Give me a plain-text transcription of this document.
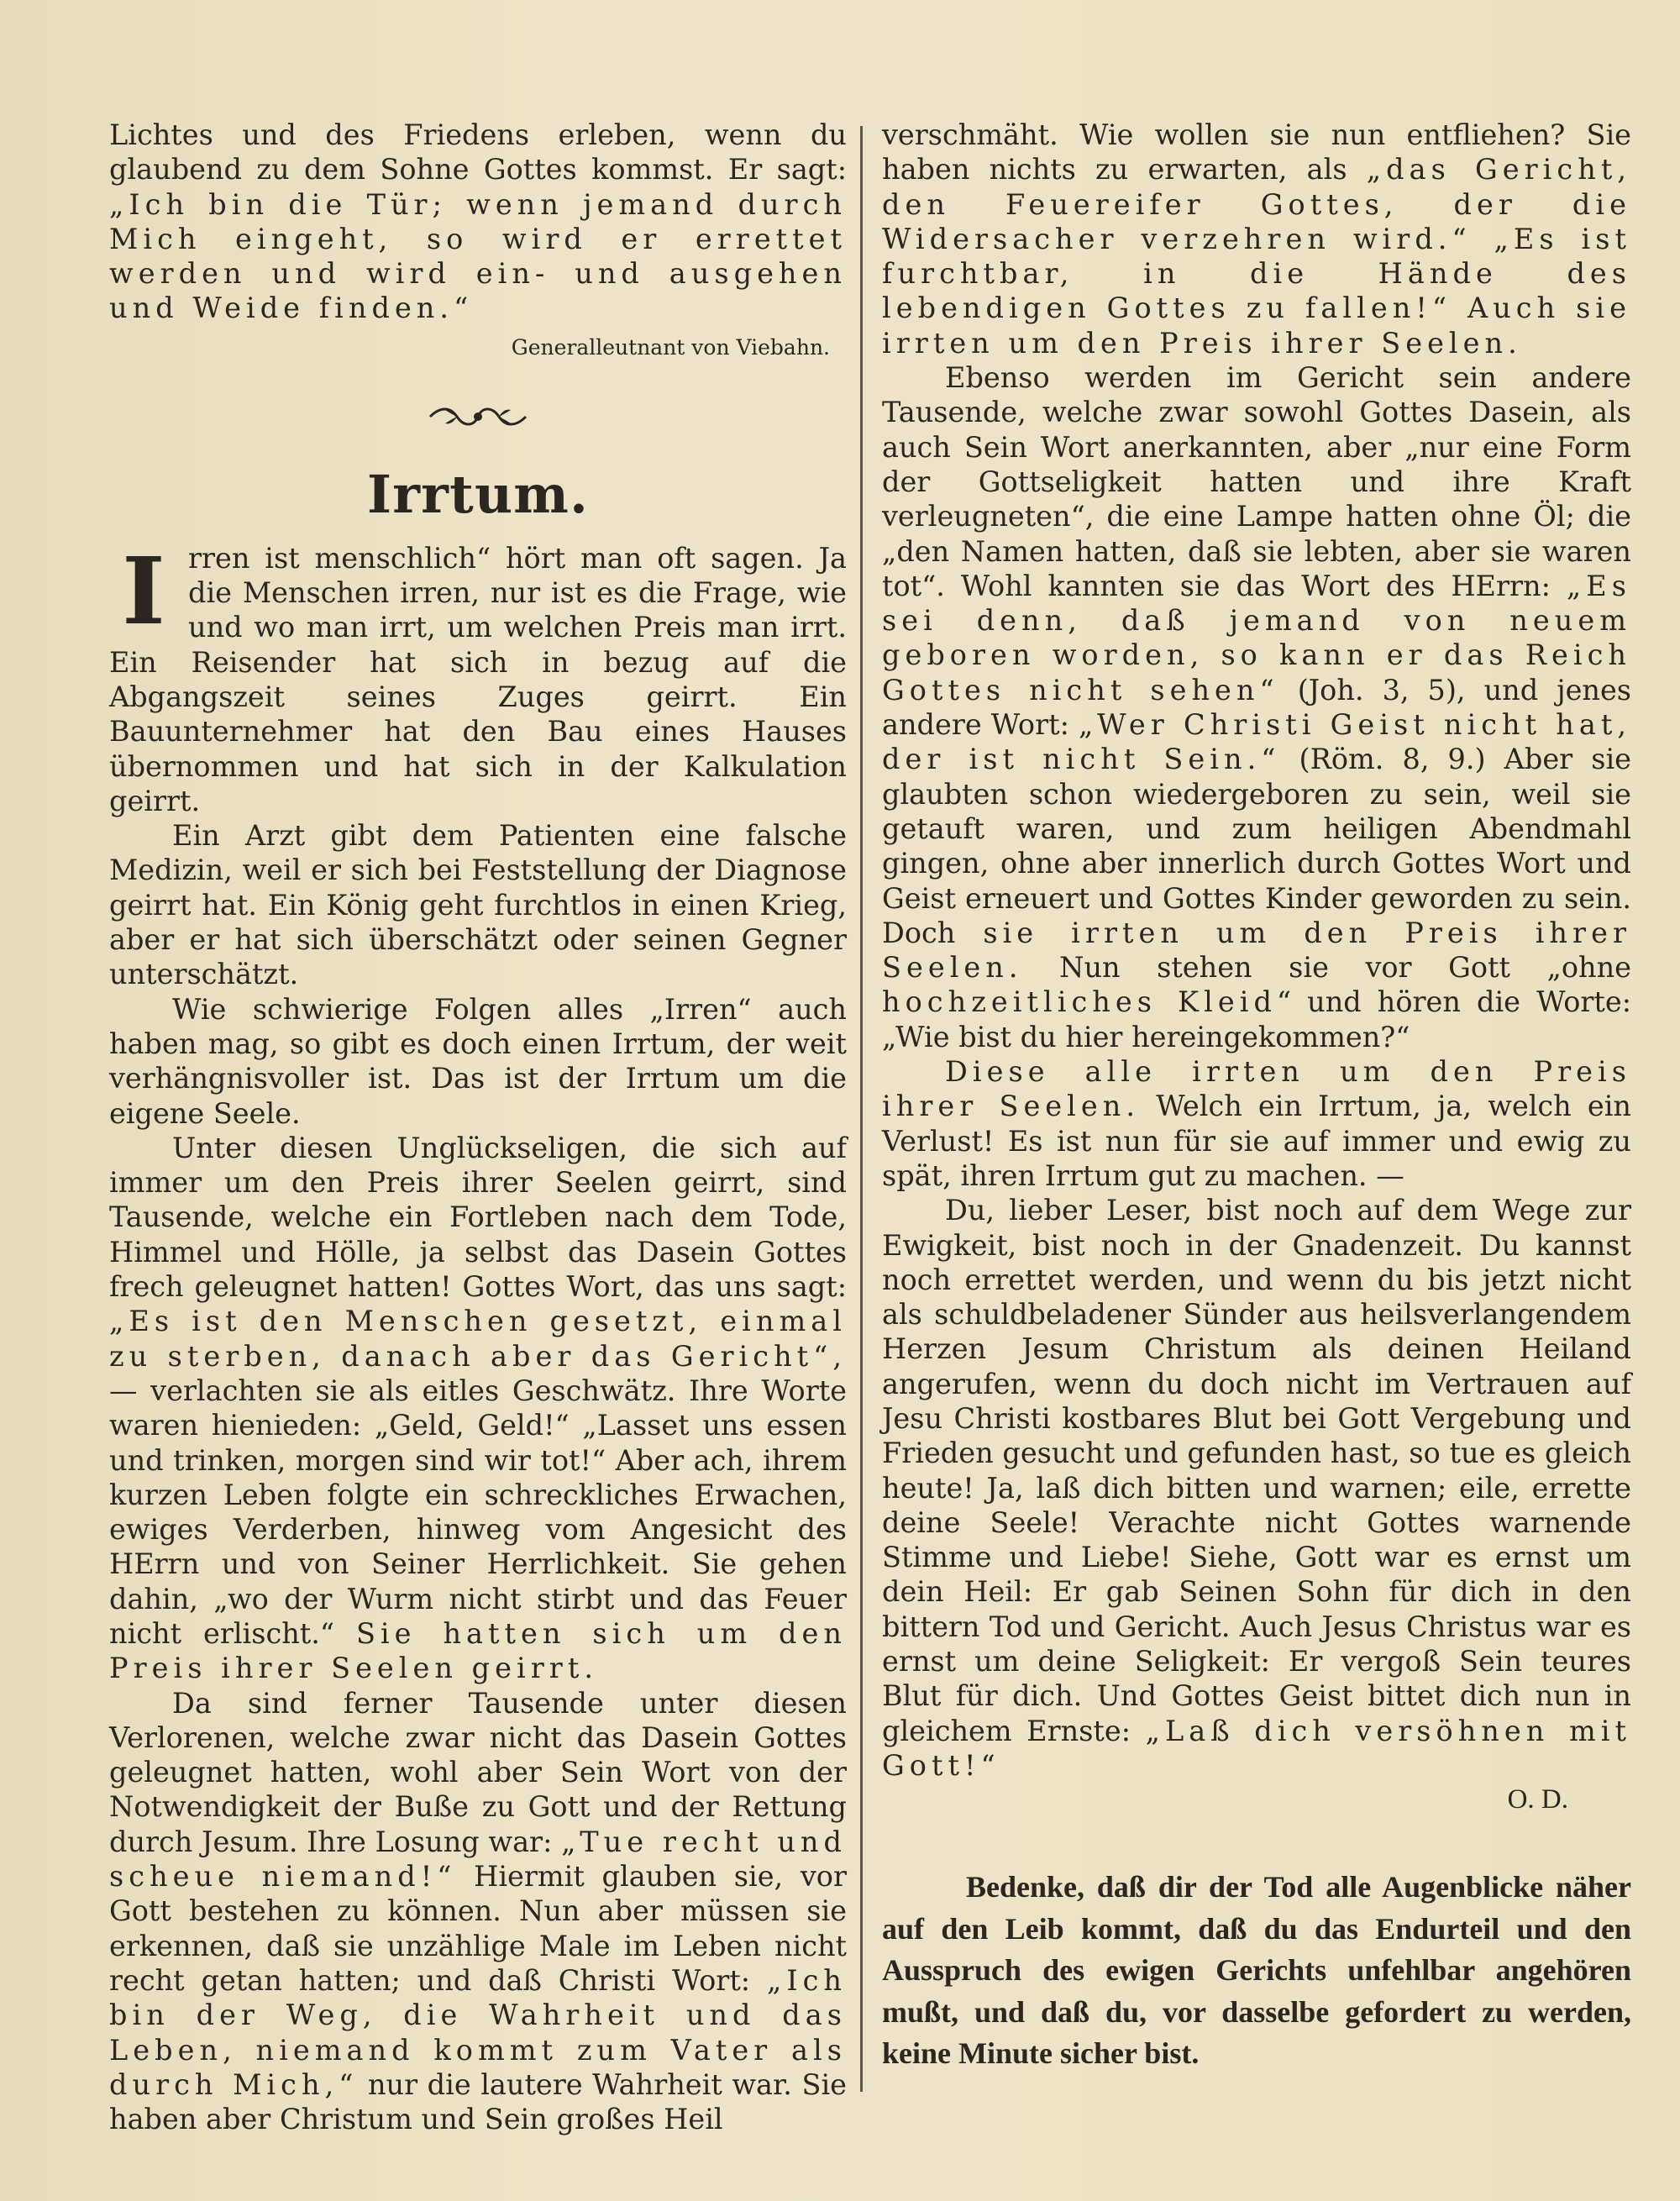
Lichtes und des Friedens erleben, wenn du glaubend zu dem Sohne Gottes kommst. Er sagt: „Ich bin die Tür; wenn jemand durch Mich eingeht, so wird er errettet werden und wird ein- und ausgehen und Weide finden.“

Generalleutnant von Viebahn.
Irrtum.
I rren ist menschlich“ hört man oft sagen. Ja die Menschen irren, nur ist es die Frage, wie und wo man irrt, um welchen Preis man irrt. Ein Reisender hat sich in bezug auf die Abgangszeit seines Zuges geirrt. Ein Bauunternehmer hat den Bau eines Hauses übernommen und hat sich in der Kalkulation geirrt.

Ein Arzt gibt dem Patienten eine falsche Medizin, weil er sich bei Feststellung der Diagnose geirrt hat. Ein König geht furchtlos in einen Krieg, aber er hat sich überschätzt oder seinen Gegner unterschätzt.

Wie schwierige Folgen alles „Irren“ auch haben mag, so gibt es doch einen Irrtum, der weit verhängnisvoller ist. Das ist der Irrtum um die eigene Seele.

Unter diesen Unglückseligen, die sich auf immer um den Preis ihrer Seelen geirrt, sind Tausende, welche ein Fortleben nach dem Tode, Himmel und Hölle, ja selbst das Dasein Gottes frech geleugnet hatten! Gottes Wort, das uns sagt: „Es ist den Menschen gesetzt, einmal zu sterben, danach aber das Gericht“, — verlachten sie als eitles Geschwätz. Ihre Worte waren hienieden: „Geld, Geld!“ „Lasset uns essen und trinken, morgen sind wir tot!“ Aber ach, ihrem kurzen Leben folgte ein schreckliches Erwachen, ewiges Verderben, hinweg vom Angesicht des HErrn und von Seiner Herrlichkeit. Sie gehen dahin, „wo der Wurm nicht stirbt und das Feuer nicht erlischt.“ Sie hatten sich um den Preis ihrer Seelen geirrt.

Da sind ferner Tausende unter diesen Verlorenen, welche zwar nicht das Dasein Gottes geleugnet hatten, wohl aber Sein Wort von der Notwendigkeit der Buße zu Gott und der Rettung durch Jesum. Ihre Losung war: „Tue recht und scheue niemand!“ Hiermit glauben sie, vor Gott bestehen zu können. Nun aber müssen sie erkennen, daß sie unzählige Male im Leben nicht recht getan hatten; und daß Christi Wort: „Ich bin der Weg, die Wahrheit und das Leben, niemand kommt zum Vater als durch Mich,“ nur die lautere Wahrheit war. Sie haben aber Christum und Sein großes Heil

verschmäht. Wie wollen sie nun entfliehen? Sie haben nichts zu erwarten, als „das Gericht, den Feuereifer Gottes, der die Widersacher verzehren wird.“ „Es ist furchtbar, in die Hände des lebendigen Gottes zu fallen!“ Auch sie irrten um den Preis ihrer Seelen.

Ebenso werden im Gericht sein andere Tausende, welche zwar sowohl Gottes Dasein, als auch Sein Wort anerkannten, aber „nur eine Form der Gottseligkeit hatten und ihre Kraft verleugneten“, die eine Lampe hatten ohne Öl; die „den Namen hatten, daß sie lebten, aber sie waren tot“. Wohl kannten sie das Wort des HErrn: „Es sei denn, daß jemand von neuem geboren worden, so kann er das Reich Gottes nicht sehen“ (Joh. 3, 5), und jenes andere Wort: „Wer Christi Geist nicht hat, der ist nicht Sein.“ (Röm. 8, 9.) Aber sie glaubten schon wiedergeboren zu sein, weil sie getauft waren, und zum heiligen Abendmahl gingen, ohne aber innerlich durch Gottes Wort und Geist erneuert und Gottes Kinder geworden zu sein. Doch sie irrten um den Preis ihrer Seelen. Nun stehen sie vor Gott „ohne hochzeitliches Kleid“ und hören die Worte: „Wie bist du hier hereingekommen?“

Diese alle irrten um den Preis ihrer Seelen. Welch ein Irrtum, ja, welch ein Verlust! Es ist nun für sie auf immer und ewig zu spät, ihren Irrtum gut zu machen. —

Du, lieber Leser, bist noch auf dem Wege zur Ewigkeit, bist noch in der Gnadenzeit. Du kannst noch errettet werden, und wenn du bis jetzt nicht als schuldbeladener Sünder aus heilsverlangendem Herzen Jesum Christum als deinen Heiland angerufen, wenn du doch nicht im Vertrauen auf Jesu Christi kostbares Blut bei Gott Vergebung und Frieden gesucht und gefunden hast, so tue es gleich heute! Ja, laß dich bitten und warnen; eile, errette deine Seele! Verachte nicht Gottes warnende Stimme und Liebe! Siehe, Gott war es ernst um dein Heil: Er gab Seinen Sohn für dich in den bittern Tod und Gericht. Auch Jesus Christus war es ernst um deine Seligkeit: Er vergoß Sein teures Blut für dich. Und Gottes Geist bittet dich nun in gleichem Ernste: „Laß dich versöhnen mit Gott!“

O. D.

Bedenke, daß dir der Tod alle Augenblicke näher auf den Leib kommt, daß du das Endurteil und den Ausspruch des ewigen Gerichts unfehlbar angehören mußt, und daß du, vor dasselbe gefordert zu werden, keine Minute sicher bist.
